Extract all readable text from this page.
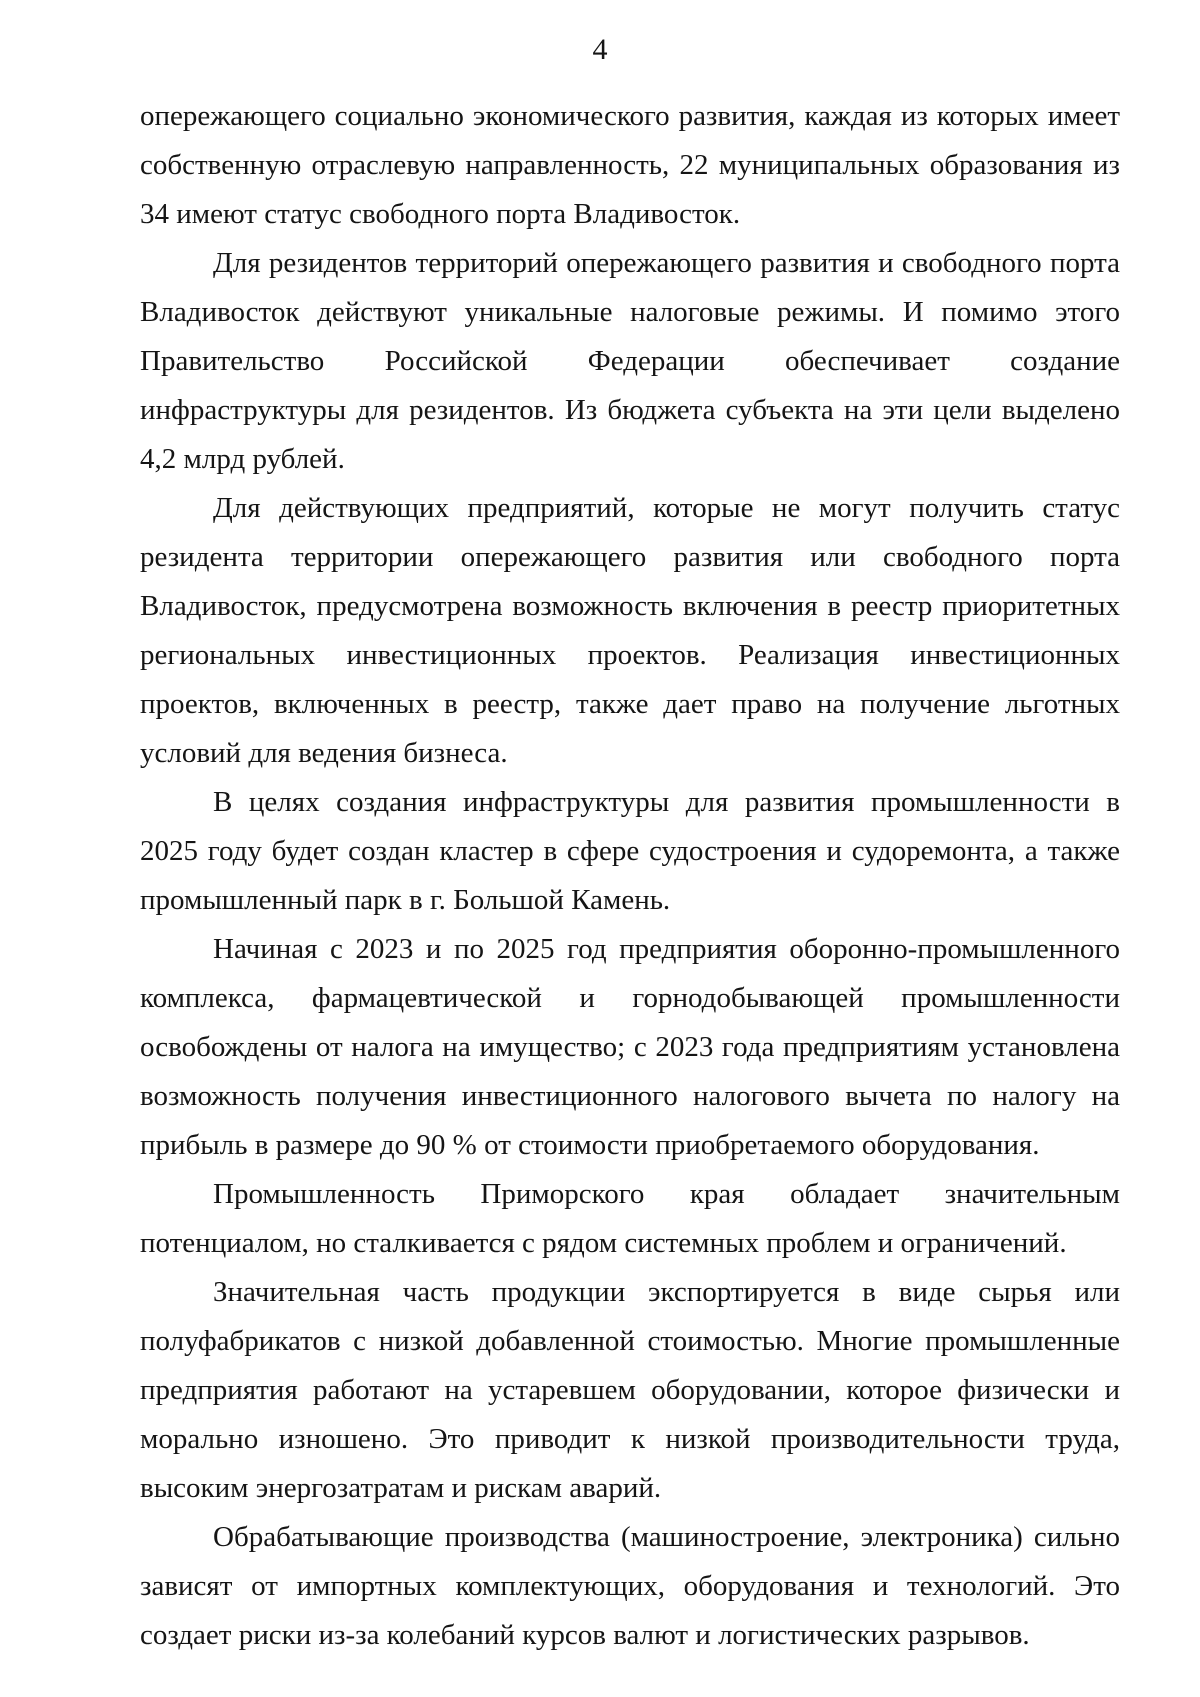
4

опережающего социально экономического развития, каждая из которых имеет собственную отраслевую направленность, 22 муниципальных образования из 34 имеют статус свободного порта Владивосток.

Для резидентов территорий опережающего развития и свободного порта Владивосток действуют уникальные налоговые режимы. И помимо этого Правительство Российской Федерации обеспечивает создание инфраструктуры для резидентов. Из бюджета субъекта на эти цели выделено 4,2 млрд рублей.

Для действующих предприятий, которые не могут получить статус резидента территории опережающего развития или свободного порта Владивосток, предусмотрена возможность включения в реестр приоритетных региональных инвестиционных проектов. Реализация инвестиционных проектов, включенных в реестр, также дает право на получение льготных условий для ведения бизнеса.

В целях создания инфраструктуры для развития промышленности в 2025 году будет создан кластер в сфере судостроения и судоремонта, а также промышленный парк в г. Большой Камень.

Начиная с 2023 и по 2025 год предприятия оборонно-промышленного комплекса, фармацевтической и горнодобывающей промышленности освобождены от налога на имущество; с 2023 года предприятиям установлена возможность получения инвестиционного налогового вычета по налогу на прибыль в размере до 90 % от стоимости приобретаемого оборудования.

Промышленность Приморского края обладает значительным потенциалом, но сталкивается с рядом системных проблем и ограничений.

Значительная часть продукции экспортируется в виде сырья или полуфабрикатов с низкой добавленной стоимостью. Многие промышленные предприятия работают на устаревшем оборудовании, которое физически и морально изношено. Это приводит к низкой производительности труда, высоким энергозатратам и рискам аварий.

Обрабатывающие производства (машиностроение, электроника) сильно зависят от импортных комплектующих, оборудования и технологий. Это создает риски из-за колебаний курсов валют и логистических разрывов.
